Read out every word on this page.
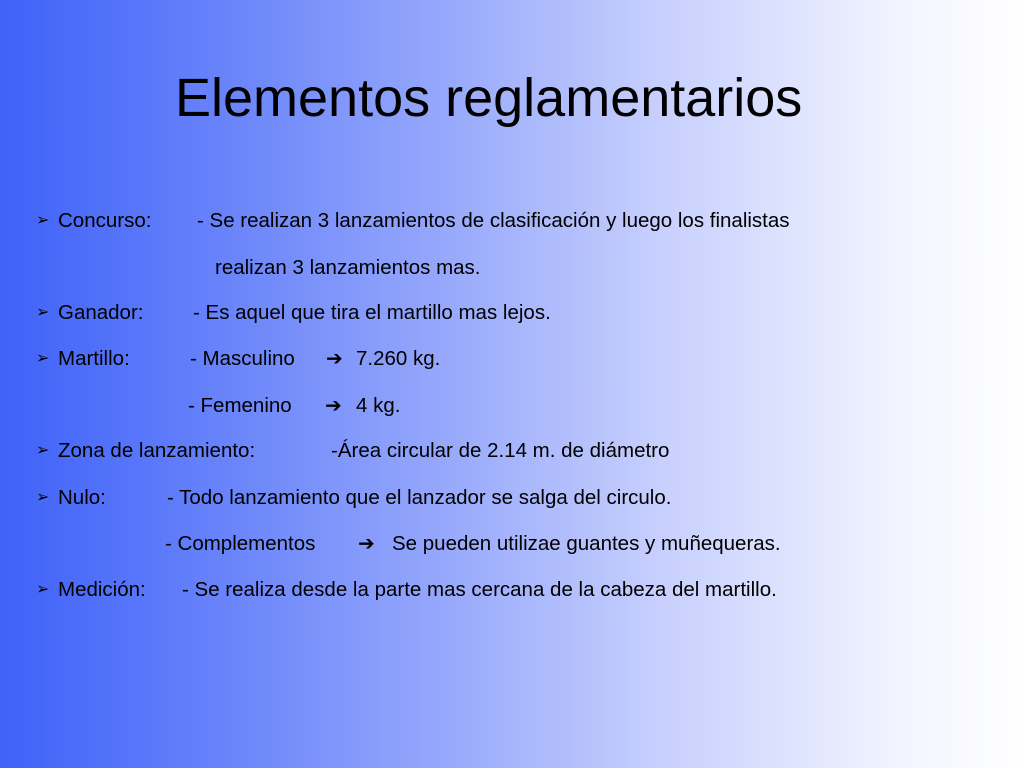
Elementos reglamentarios
➢ Concurso: - Se realizan 3 lanzamientos de clasificación y luego los finalistas
realizan 3 lanzamientos mas.
➢ Ganador: - Es aquel que tira el martillo mas lejos.
➢ Martillo:	- Masculino ➔ 7.260 kg.
- Femenino ➔ 4 kg.
➢ Zona de lanzamiento:	-Área circular de 2.14 m. de diámetro
➢ Nulo:	- Todo lanzamiento que el lanzador se salga del circulo.
- Complementos ➔ Se pueden utilizae guantes y muñequeras.
➢ Medición: - Se realiza desde la parte mas cercana de la cabeza del martillo.
